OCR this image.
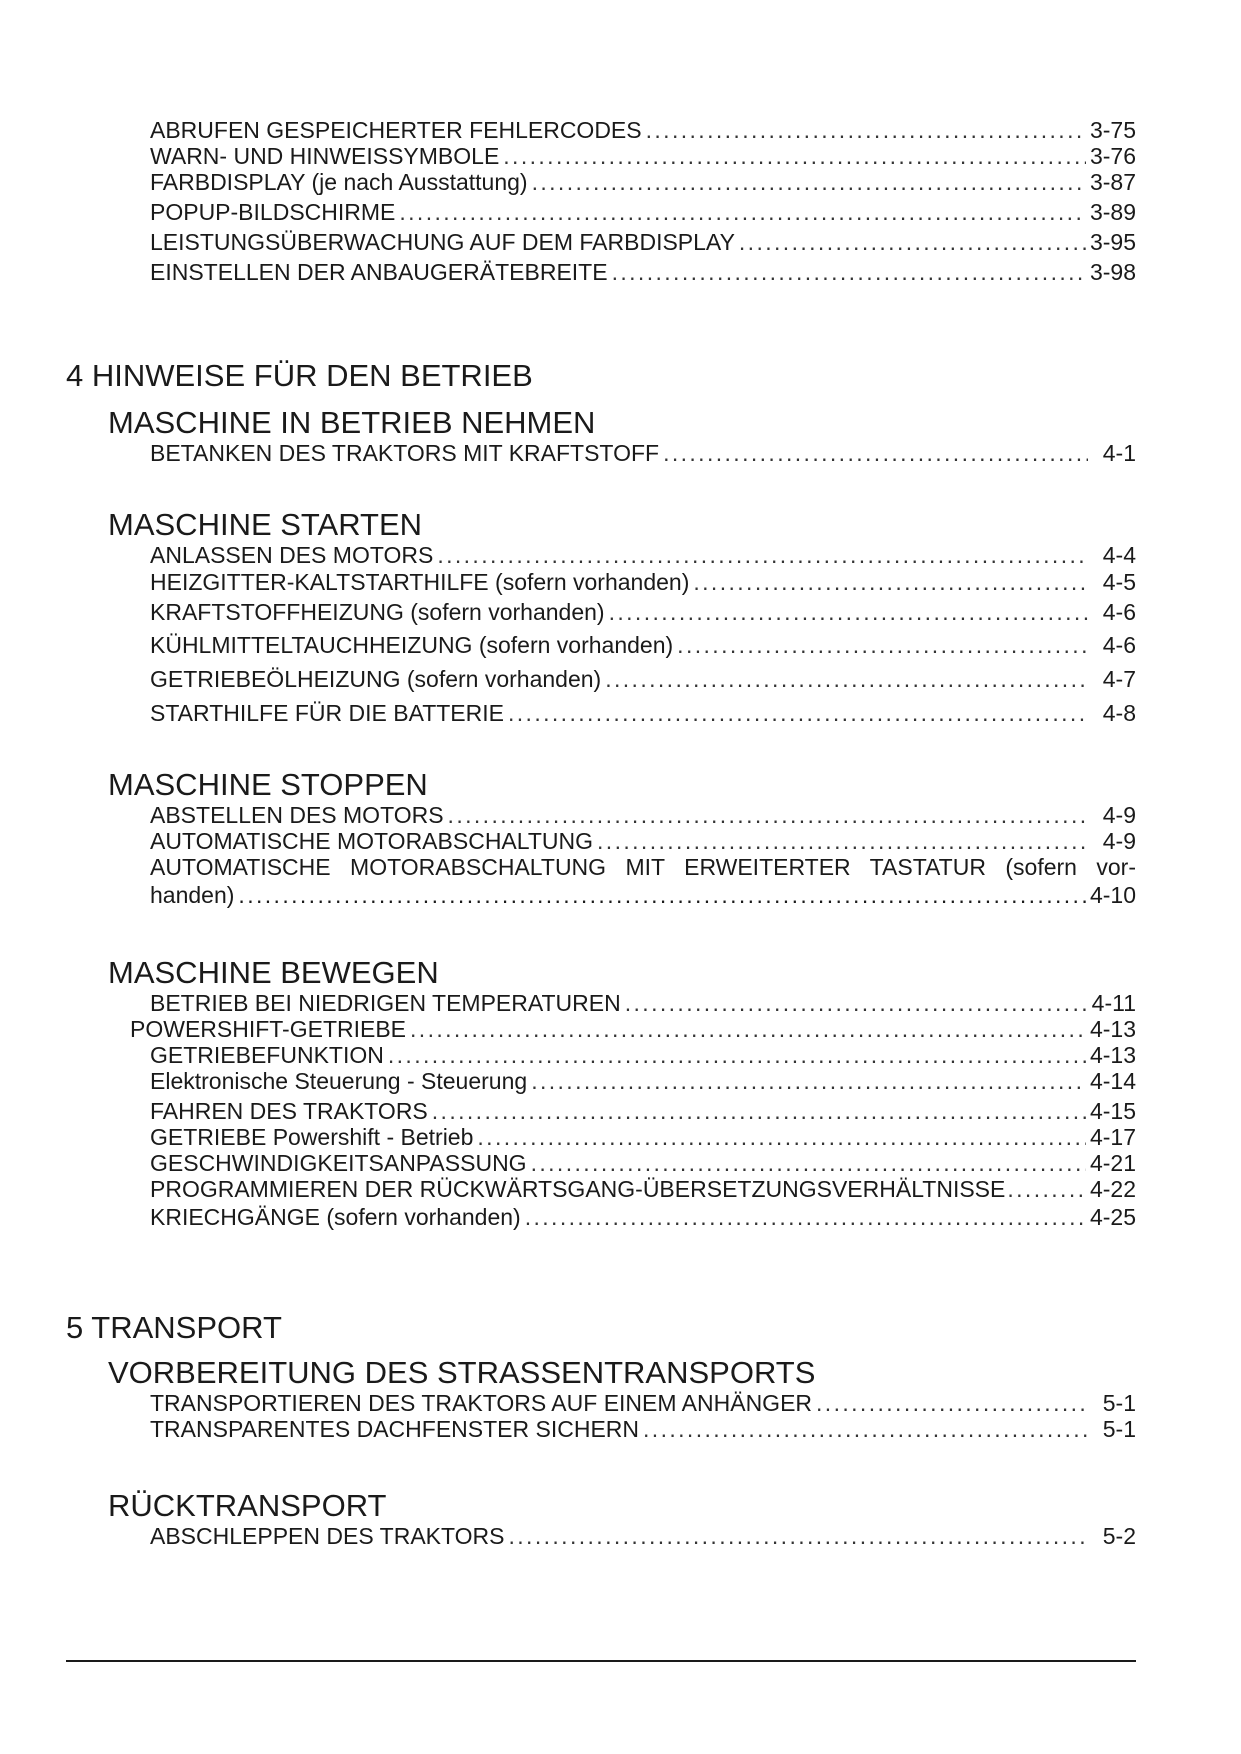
ABRUFEN GESPEICHERTER FEHLERCODES . . .	3-75
WARN- UND HINWEISSYMBOLE . . .	3-76
FARBDISPLAY (je nach Ausstattung) . . .	3-87
POPUP-BILDSCHIRME . . .	3-89
LEISTUNGSÜBERWACHUNG AUF DEM FARBDISPLAY . . .	3-95
EINSTELLEN DER ANBAUGERÄTEBREITE . . .	3-98
4 HINWEISE FÜR DEN BETRIEB
MASCHINE IN BETRIEB NEHMEN
BETANKEN DES TRAKTORS MIT KRAFTSTOFF . . .	4-1
MASCHINE STARTEN
ANLASSEN DES MOTORS . . .	4-4
HEIZGITTER-KALTSTARTHILFE (sofern vorhanden) . . .	4-5
KRAFTSTOFFHEIZUNG (sofern vorhanden) . . .	4-6
KÜHLMITTELTAUCHHEIZUNG (sofern vorhanden) . . .	4-6
GETRIEBEÖLHEIZUNG (sofern vorhanden) . . .	4-7
STARTHILFE FÜR DIE BATTERIE . . .	4-8
MASCHINE STOPPEN
ABSTELLEN DES MOTORS . . .	4-9
AUTOMATISCHE MOTORABSCHALTUNG . . .	4-9
AUTOMATISCHE MOTORABSCHALTUNG MIT ERWEITERTER TASTATUR (sofern vor-
handen) . . .	4-10
MASCHINE BEWEGEN
BETRIEB BEI NIEDRIGEN TEMPERATUREN . . .	4-11
POWERSHIFT-GETRIEBE . . .	4-13
GETRIEBEFUNKTION . . .	4-13
Elektronische Steuerung - Steuerung . . .	4-14
FAHREN DES TRAKTORS . . .	4-15
GETRIEBE Powershift - Betrieb . . .	4-17
GESCHWINDIGKEITSANPASSUNG . . .	4-21
PROGRAMMIEREN DER RÜCKWÄRTSGANG-ÜBERSETZUNGSVERHÄLTNISSE . . .	4-22
KRIECHGÄNGE (sofern vorhanden) . . .	4-25
5 TRANSPORT
VORBEREITUNG DES STRASSENTRANSPORTS
TRANSPORTIEREN DES TRAKTORS AUF EINEM ANHÄNGER . . .	5-1
TRANSPARENTES DACHFENSTER SICHERN . . .	5-1
RÜCKTRANSPORT
ABSCHLEPPEN DES TRAKTORS . . .	5-2
